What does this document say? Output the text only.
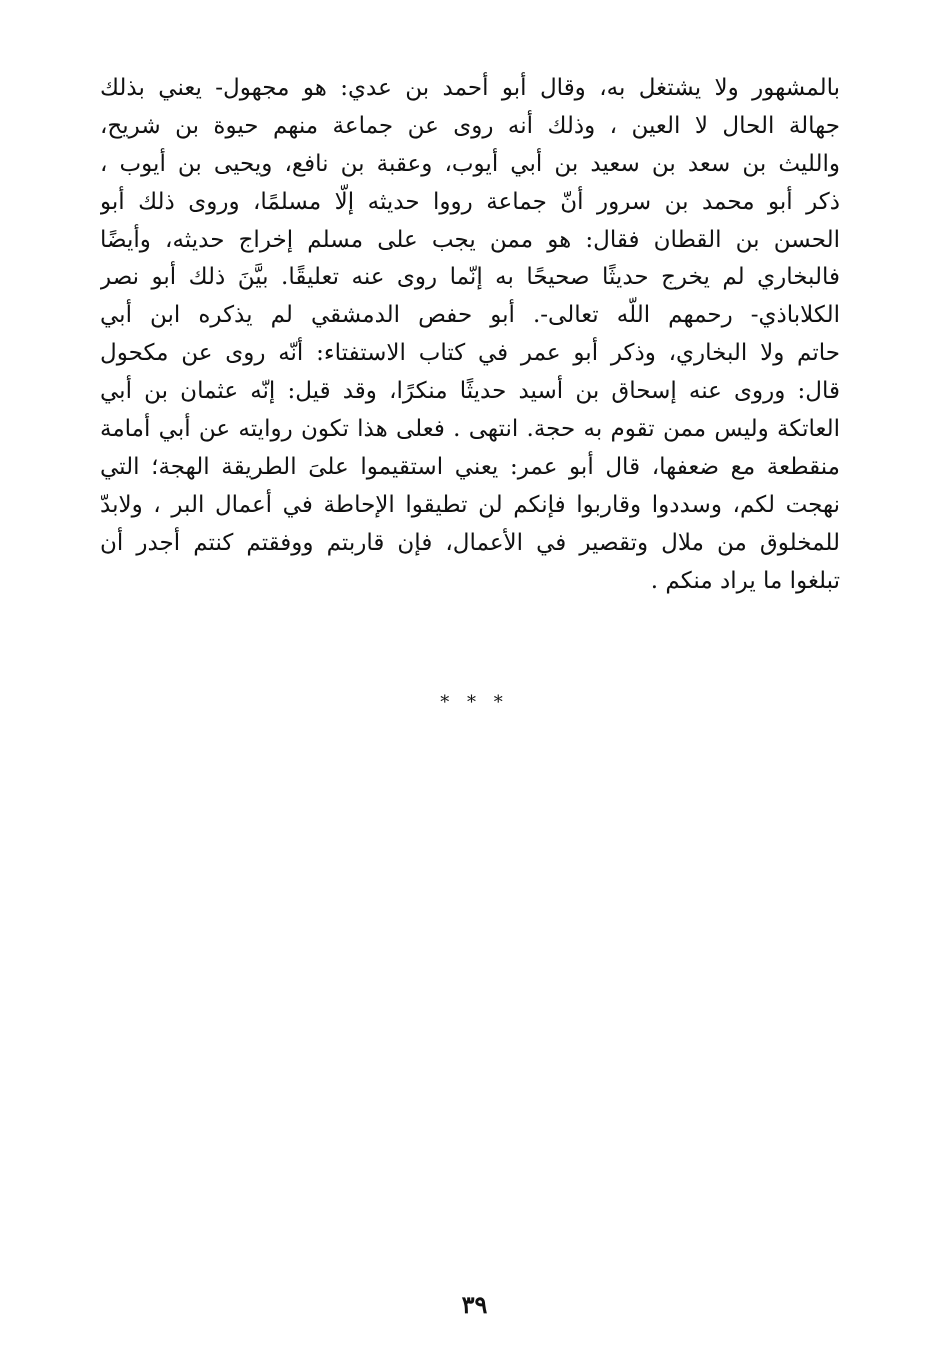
بالمشهور ولا يشتغل به، وقال أبو أحمد بن عدي: هو مجهول- يعني بذلك
جهالة الحال لا العين ، وذلك أنه روى عن جماعة منهم حيوة بن شريح،
والليث بن سعد بن سعيد بن أبي أيوب، وعقبة بن نافع، ويحيى بن أيوب ،
ذكر أبو محمد بن سرور أنّ جماعة رووا حديثه إلّا مسلمًا، وروى ذلك أبو
الحسن بن القطان فقال: هو ممن يجب على مسلم إخراج حديثه، وأيضًا
فالبخاري لم يخرج حديثًا صحيحًا به إنّما روى عنه تعليقًا. بيَّنَ ذلك أبو نصر
الكلاباذي- رحمهم اللّه تعالى-. أبو حفص الدمشقي لم يذكره ابن أبي
حاتم ولا البخاري، وذكر أبو عمر في كتاب الاستفتاء: أنّه روى عن مكحول
قال: وروى عنه إسحاق بن أسيد حديثًا منكرًا، وقد قيل: إنّه عثمان بن أبي
العاتكة وليس ممن تقوم به حجة. انتهى . فعلى هذا تكون روايته عن أبي أمامة
منقطعة مع ضعفها، قال أبو عمر: يعني استقيموا علىَ الطريقة الهجة؛ التي
نهجت لكم، وسددوا وقاربوا فإنكم لن تطيقوا الإحاطة في أعمال البر ، ولابدّ
للمخلوق من ملال وتقصير في الأعمال، فإن قاربتم ووفقتم كنتم أجدر أن
تبلغوا ما يراد منكم .
* * *
٣٩
